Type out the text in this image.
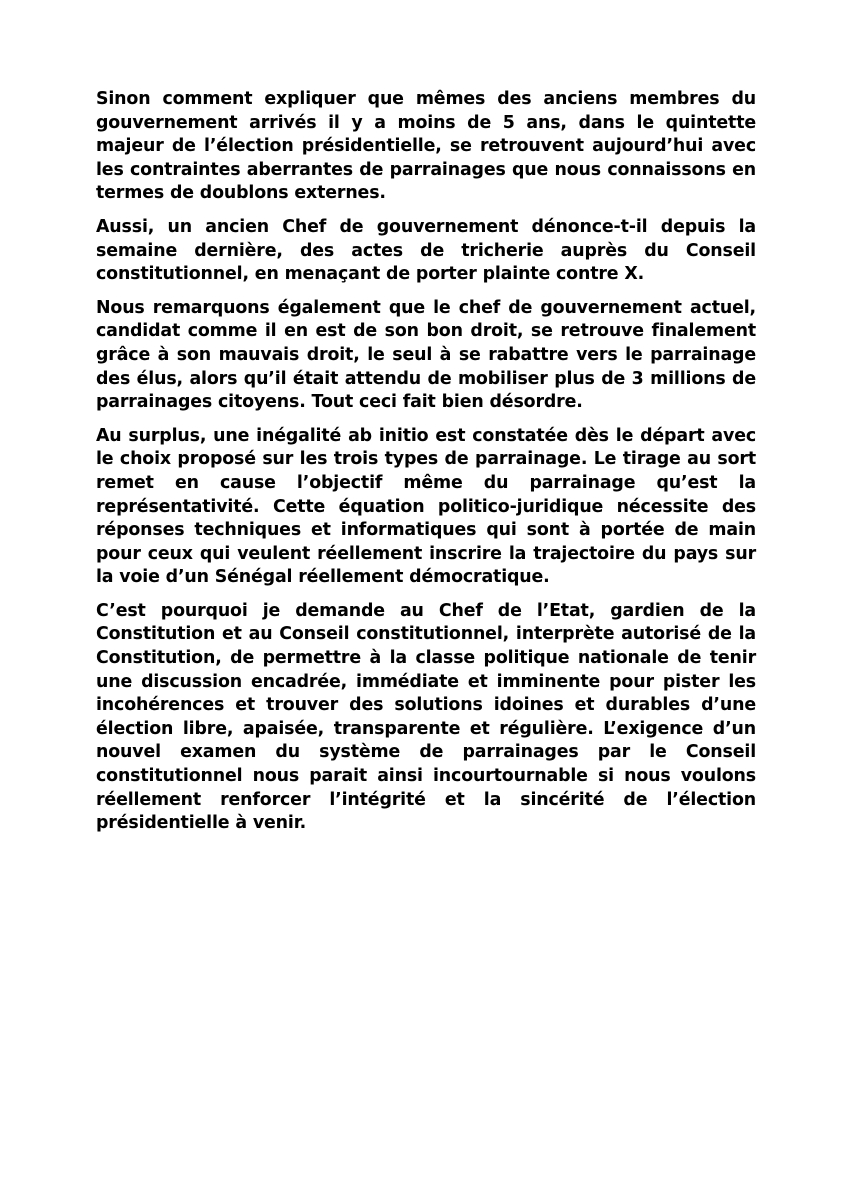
Sinon comment expliquer que mêmes des anciens membres du gouvernement arrivés il y a moins de 5 ans, dans le quintette majeur de l’élection présidentielle, se retrouvent aujourd’hui avec les contraintes aberrantes de parrainages que nous connaissons en termes de doublons externes.

Aussi, un ancien Chef de gouvernement dénonce-t-il depuis la semaine dernière, des actes de tricherie auprès du Conseil constitutionnel, en menaçant de porter plainte contre X.

Nous remarquons également que le chef de gouvernement actuel, candidat comme il en est de son bon droit, se retrouve finalement grâce à son mauvais droit, le seul à se rabattre vers le parrainage des élus, alors qu’il était attendu de mobiliser plus de 3 millions de parrainages citoyens. Tout ceci fait bien désordre.

Au surplus, une inégalité ab initio est constatée dès le départ avec le choix proposé sur les trois types de parrainage. Le tirage au sort remet en cause l’objectif même du parrainage qu’est la représentativité. Cette équation politico-juridique nécessite des réponses techniques et informatiques qui sont à portée de main pour ceux qui veulent réellement inscrire la trajectoire du pays sur la voie d’un Sénégal réellement démocratique.

C’est pourquoi je demande au Chef de l’Etat, gardien de la Constitution et au Conseil constitutionnel, interprète autorisé de la Constitution, de permettre à la classe politique nationale de tenir une discussion encadrée, immédiate et imminente pour pister les incohérences et trouver des solutions idoines et durables d’une élection libre, apaisée, transparente et régulière. L’exigence d’un nouvel examen du système de parrainages par le Conseil constitutionnel nous parait ainsi incourtournable si nous voulons réellement renforcer l’intégrité et la sincérité de l’élection présidentielle à venir.
